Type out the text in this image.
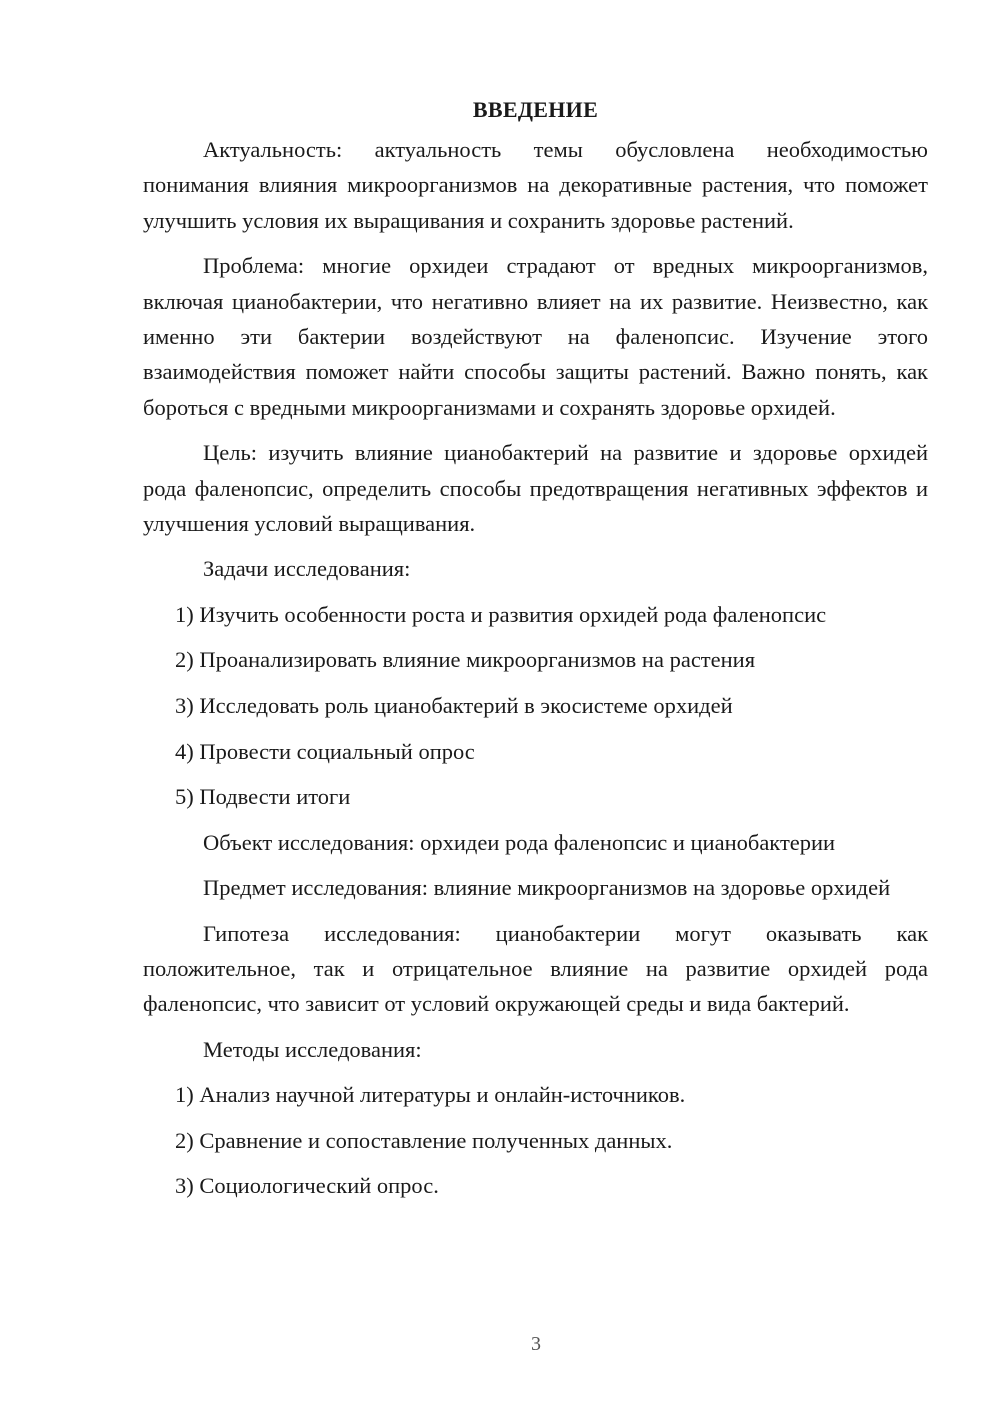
ВВЕДЕНИЕ

Актуальность: актуальность темы обусловлена необходимостью понимания влияния микроорганизмов на декоративные растения, что поможет улучшить условия их выращивания и сохранить здоровье растений.

Проблема: многие орхидеи страдают от вредных микроорганизмов, включая цианобактерии, что негативно влияет на их развитие. Неизвестно, как именно эти бактерии воздействуют на фаленопсис. Изучение этого взаимодействия поможет найти способы защиты растений. Важно понять, как бороться с вредными микроорганизмами и сохранять здоровье орхидей.

Цель: изучить влияние цианобактерий на развитие и здоровье орхидей рода фаленопсис, определить способы предотвращения негативных эффектов и улучшения условий выращивания.

Задачи исследования:
1) Изучить особенности роста и развития орхидей рода фаленопсис
2) Проанализировать влияние микроорганизмов на растения
3) Исследовать роль цианобактерий в экосистеме орхидей
4) Провести социальный опрос
5) Подвести итоги

Объект исследования: орхидеи рода фаленопсис и цианобактерии

Предмет исследования: влияние микроорганизмов на здоровье орхидей

Гипотеза исследования: цианобактерии могут оказывать как положительное, так и отрицательное влияние на развитие орхидей рода фаленопсис, что зависит от условий окружающей среды и вида бактерий.

Методы исследования:
1) Анализ научной литературы и онлайн-источников.
2) Сравнение и сопоставление полученных данных.
3) Социологический опрос.
3
